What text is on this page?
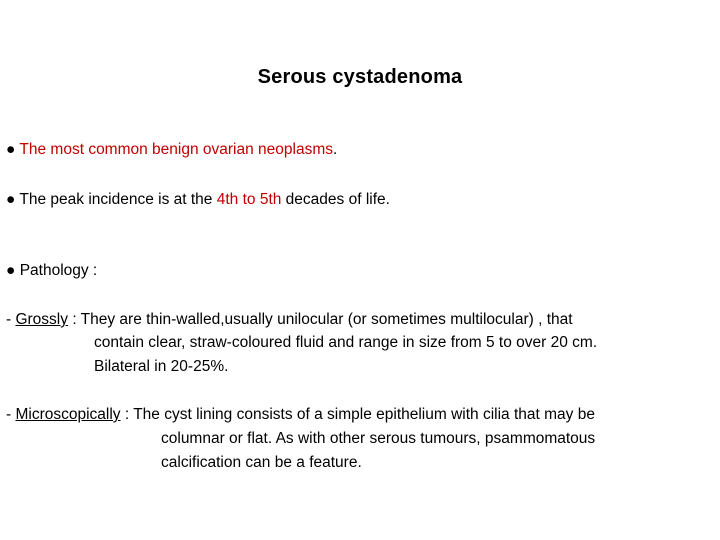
Serous cystadenoma
● The most common benign ovarian neoplasms.
● The peak incidence is at the 4th to 5th decades of life.
● Pathology :
- Grossly : They are thin-walled,usually unilocular (or sometimes multilocular) , that
contain clear, straw-coloured fluid and range in size from 5 to over 20 cm.
Bilateral in 20-25%.
- Microscopically : The cyst lining consists of a simple epithelium with cilia that may be
columnar or flat. As with other serous tumours, psammomatous
calcification can be a feature.
